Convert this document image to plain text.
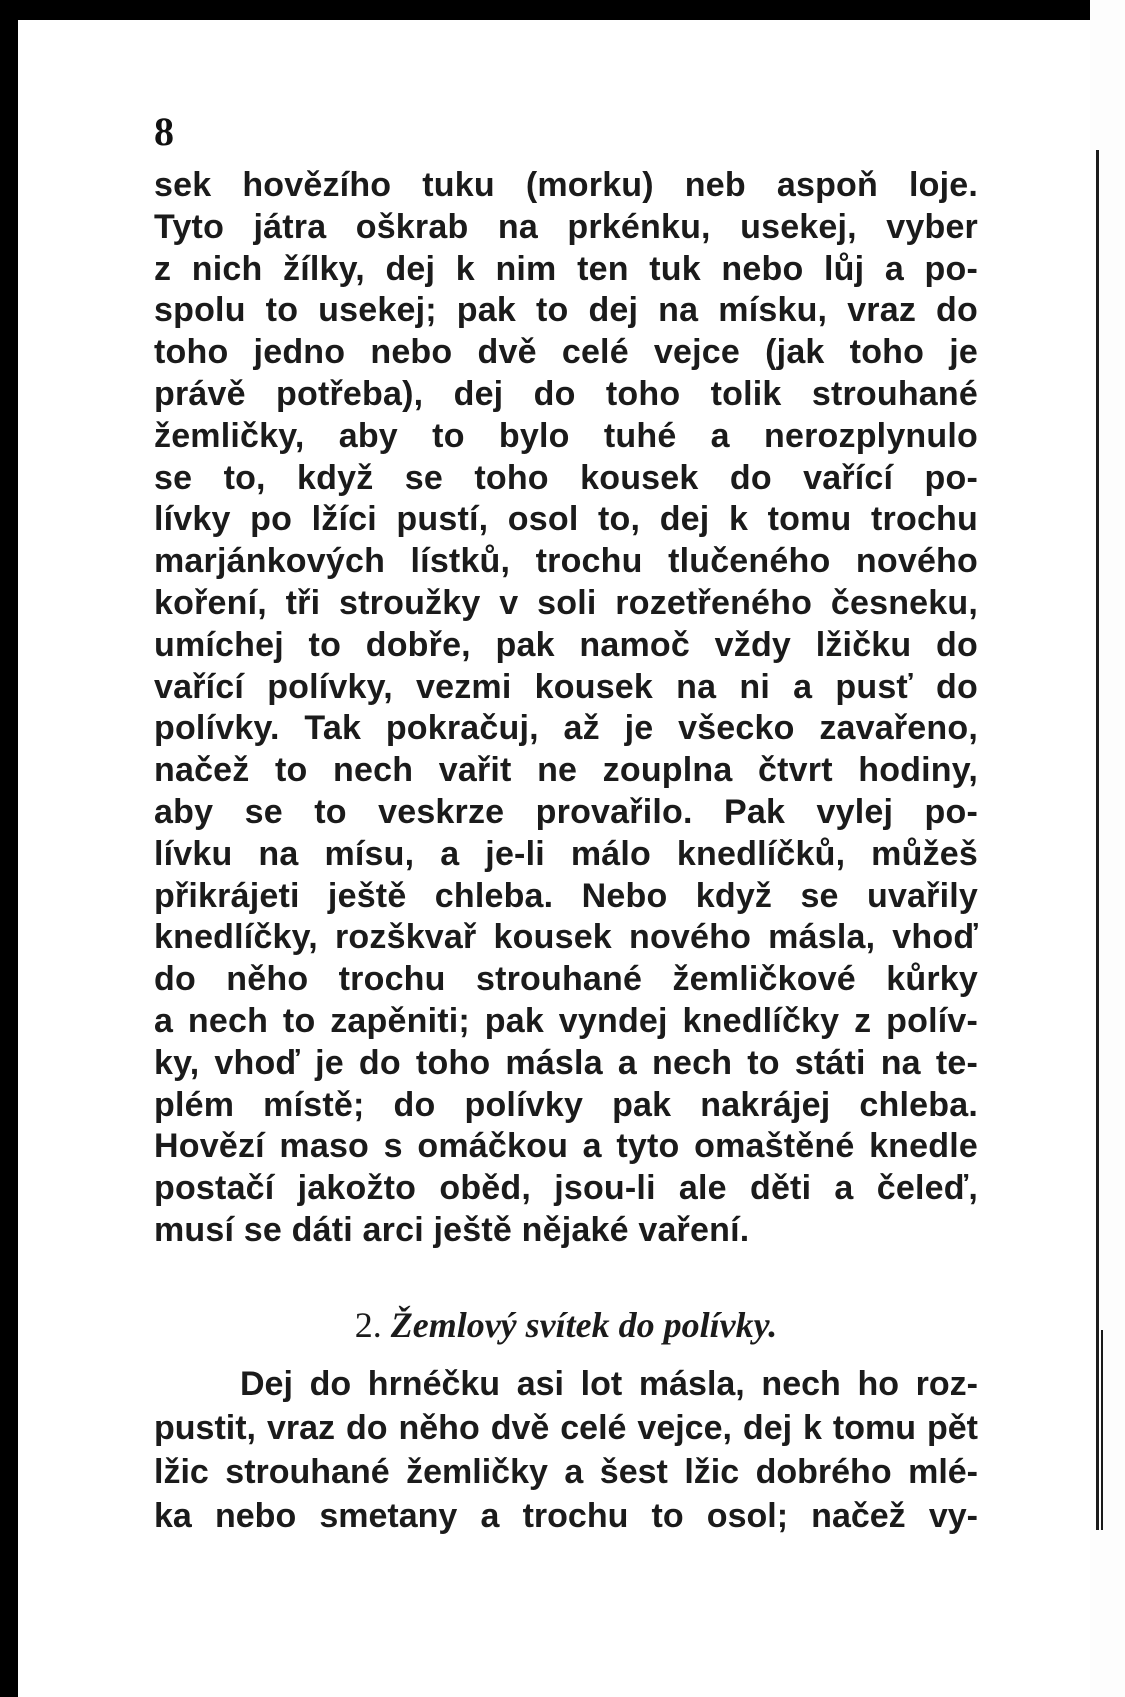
8
sek hovězího tuku (morku) neb aspoň loje.
Tyto játra oškrab na prkénku, usekej, vyber
z nich žílky, dej k nim ten tuk nebo lůj a po-
spolu to usekej; pak to dej na mísku, vraz do
toho jedno nebo dvě celé vejce (jak toho je
právě potřeba), dej do toho tolik strouhané
žemličky, aby to bylo tuhé a nerozplynulo
se to, když se toho kousek do vařící po-
lívky po lžíci pustí, osol to, dej k tomu trochu
marjánkových lístků, trochu tlučeného nového
koření, tři stroužky v soli rozetřeného česneku,
umíchej to dobře, pak namoč vždy lžičku do
vařící polívky, vezmi kousek na ni a pusť do
polívky. Tak pokračuj, až je všecko zavařeno,
načež to nech vařit ne zouplna čtvrt hodiny,
aby se to veskrze provařilo. Pak vylej po-
lívku na mísu, a je-li málo knedlíčků, můžeš
přikrájeti ještě chleba. Nebo když se uvařily
knedlíčky, rozškvař kousek nového másla, vhoď
do něho trochu strouhané žemličkové kůrky
a nech to zapěniti; pak vyndej knedlíčky z polív-
ky, vhoď je do toho másla a nech to státi na te-
plém místě; do polívky pak nakrájej chleba.
Hovězí maso s omáčkou a tyto omaštěné knedle
postačí jakožto oběd, jsou-li ale děti a čeleď,
musí se dáti arci ještě nějaké vaření.
2. Žemlový svítek do polívky.
Dej do hrnéčku asi lot másla, nech ho roz-
pustit, vraz do něho dvě celé vejce, dej k tomu pět
lžic strouhané žemličky a šest lžic dobrého mlé-
ka nebo smetany a trochu to osol; načež vy-
